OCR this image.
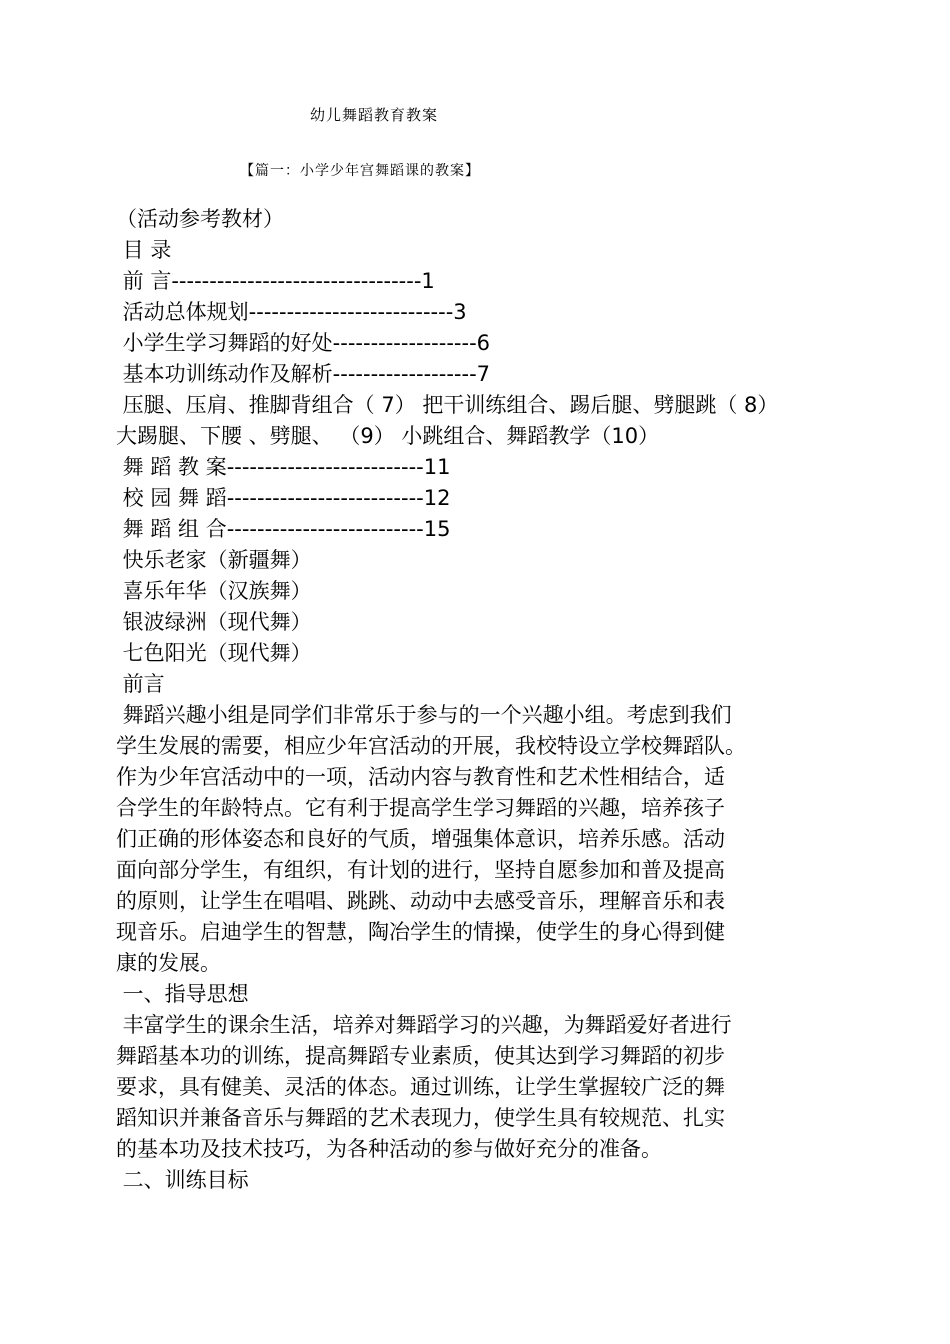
幼儿舞蹈教育教案
【篇一：小学少年宫舞蹈课的教案】
（活动参考教材）
目 录
前 言---------------------------------1
活动总体规划---------------------------3
小学生学习舞蹈的好处-------------------6
基本功训练动作及解析-------------------7
压腿、压肩、推脚背组合（ 7） 把干训练组合、踢后腿、劈腿跳（ 8）
大踢腿、下腰 、劈腿、 （9） 小跳组合、舞蹈教学（10）
舞 蹈 教 案--------------------------11
校 园 舞 蹈--------------------------12
舞 蹈 组 合--------------------------15
快乐老家（新疆舞）
喜乐年华（汉族舞）
银波绿洲（现代舞）
七色阳光（现代舞）
前言
舞蹈兴趣小组是同学们非常乐于参与的一个兴趣小组。考虑到我们
学生发展的需要，相应少年宫活动的开展，我校特设立学校舞蹈队。
作为少年宫活动中的一项，活动内容与教育性和艺术性相结合，适
合学生的年龄特点。它有利于提高学生学习舞蹈的兴趣，培养孩子
们正确的形体姿态和良好的气质，增强集体意识，培养乐感。活动
面向部分学生，有组织，有计划的进行，坚持自愿参加和普及提高
的原则，让学生在唱唱、跳跳、动动中去感受音乐，理解音乐和表
现音乐。启迪学生的智慧，陶冶学生的情操，使学生的身心得到健
康的发展。
一、指导思想
丰富学生的课余生活，培养对舞蹈学习的兴趣，为舞蹈爱好者进行
舞蹈基本功的训练，提高舞蹈专业素质，使其达到学习舞蹈的初步
要求，具有健美、灵活的体态。通过训练，让学生掌握较广泛的舞
蹈知识并兼备音乐与舞蹈的艺术表现力，使学生具有较规范、扎实
的基本功及技术技巧，为各种活动的参与做好充分的准备。
二、训练目标
